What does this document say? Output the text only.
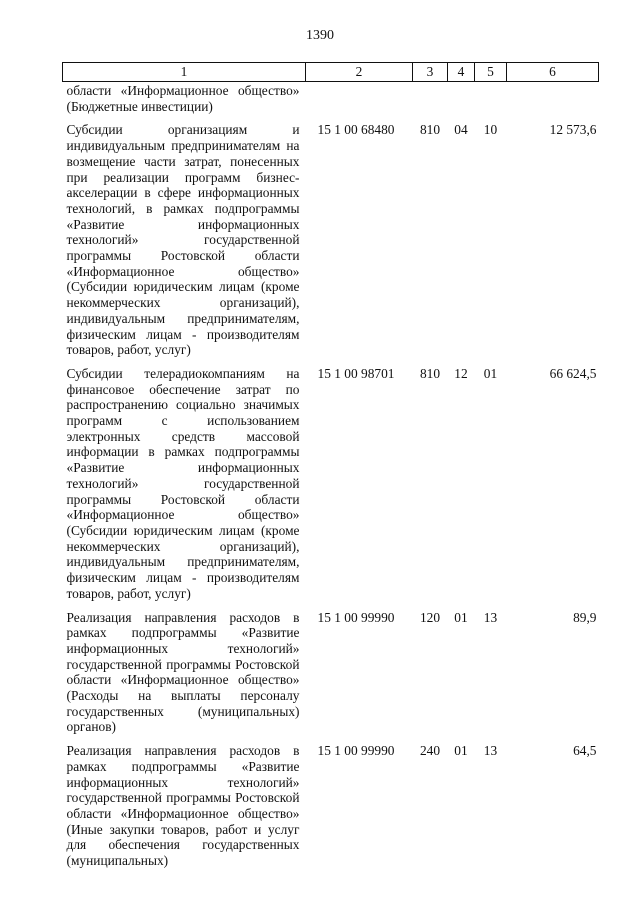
1390
1	2	3	4	5	6
области «Информационное общество» (Бюджетные инвестиции)					
Субсидии организациям и индивидуальным предпринимателям на возмещение части затрат, понесенных при реализации программ бизнес-акселерации в сфере информационных технологий, в рамках подпрограммы «Развитие информационных технологий» государственной программы Ростовской области «Информационное общество» (Субсидии юридическим лицам (кроме некоммерческих организаций), индивидуальным предпринимателям, физическим лицам - производителям товаров, работ, услуг)	15 1 00 68480	810	04	10	12 573,6
Субсидии телерадиокомпаниям на финансовое обеспечение затрат по распространению социально значимых программ с использованием электронных средств массовой информации в рамках подпрограммы «Развитие информационных технологий» государственной программы Ростовской области «Информационное общество» (Субсидии юридическим лицам (кроме некоммерческих организаций), индивидуальным предпринимателям, физическим лицам - производителям товаров, работ, услуг)	15 1 00 98701	810	12	01	66 624,5
Реализация направления расходов в рамках подпрограммы «Развитие информационных технологий» государственной программы Ростовской области «Информационное общество» (Расходы на выплаты персоналу государственных (муниципальных) органов)	15 1 00 99990	120	01	13	89,9
Реализация направления расходов в рамках подпрограммы «Развитие информационных технологий» государственной программы Ростовской области «Информационное общество» (Иные закупки товаров, работ и услуг для обеспечения государственных (муниципальных)	15 1 00 99990	240	01	13	64,5
